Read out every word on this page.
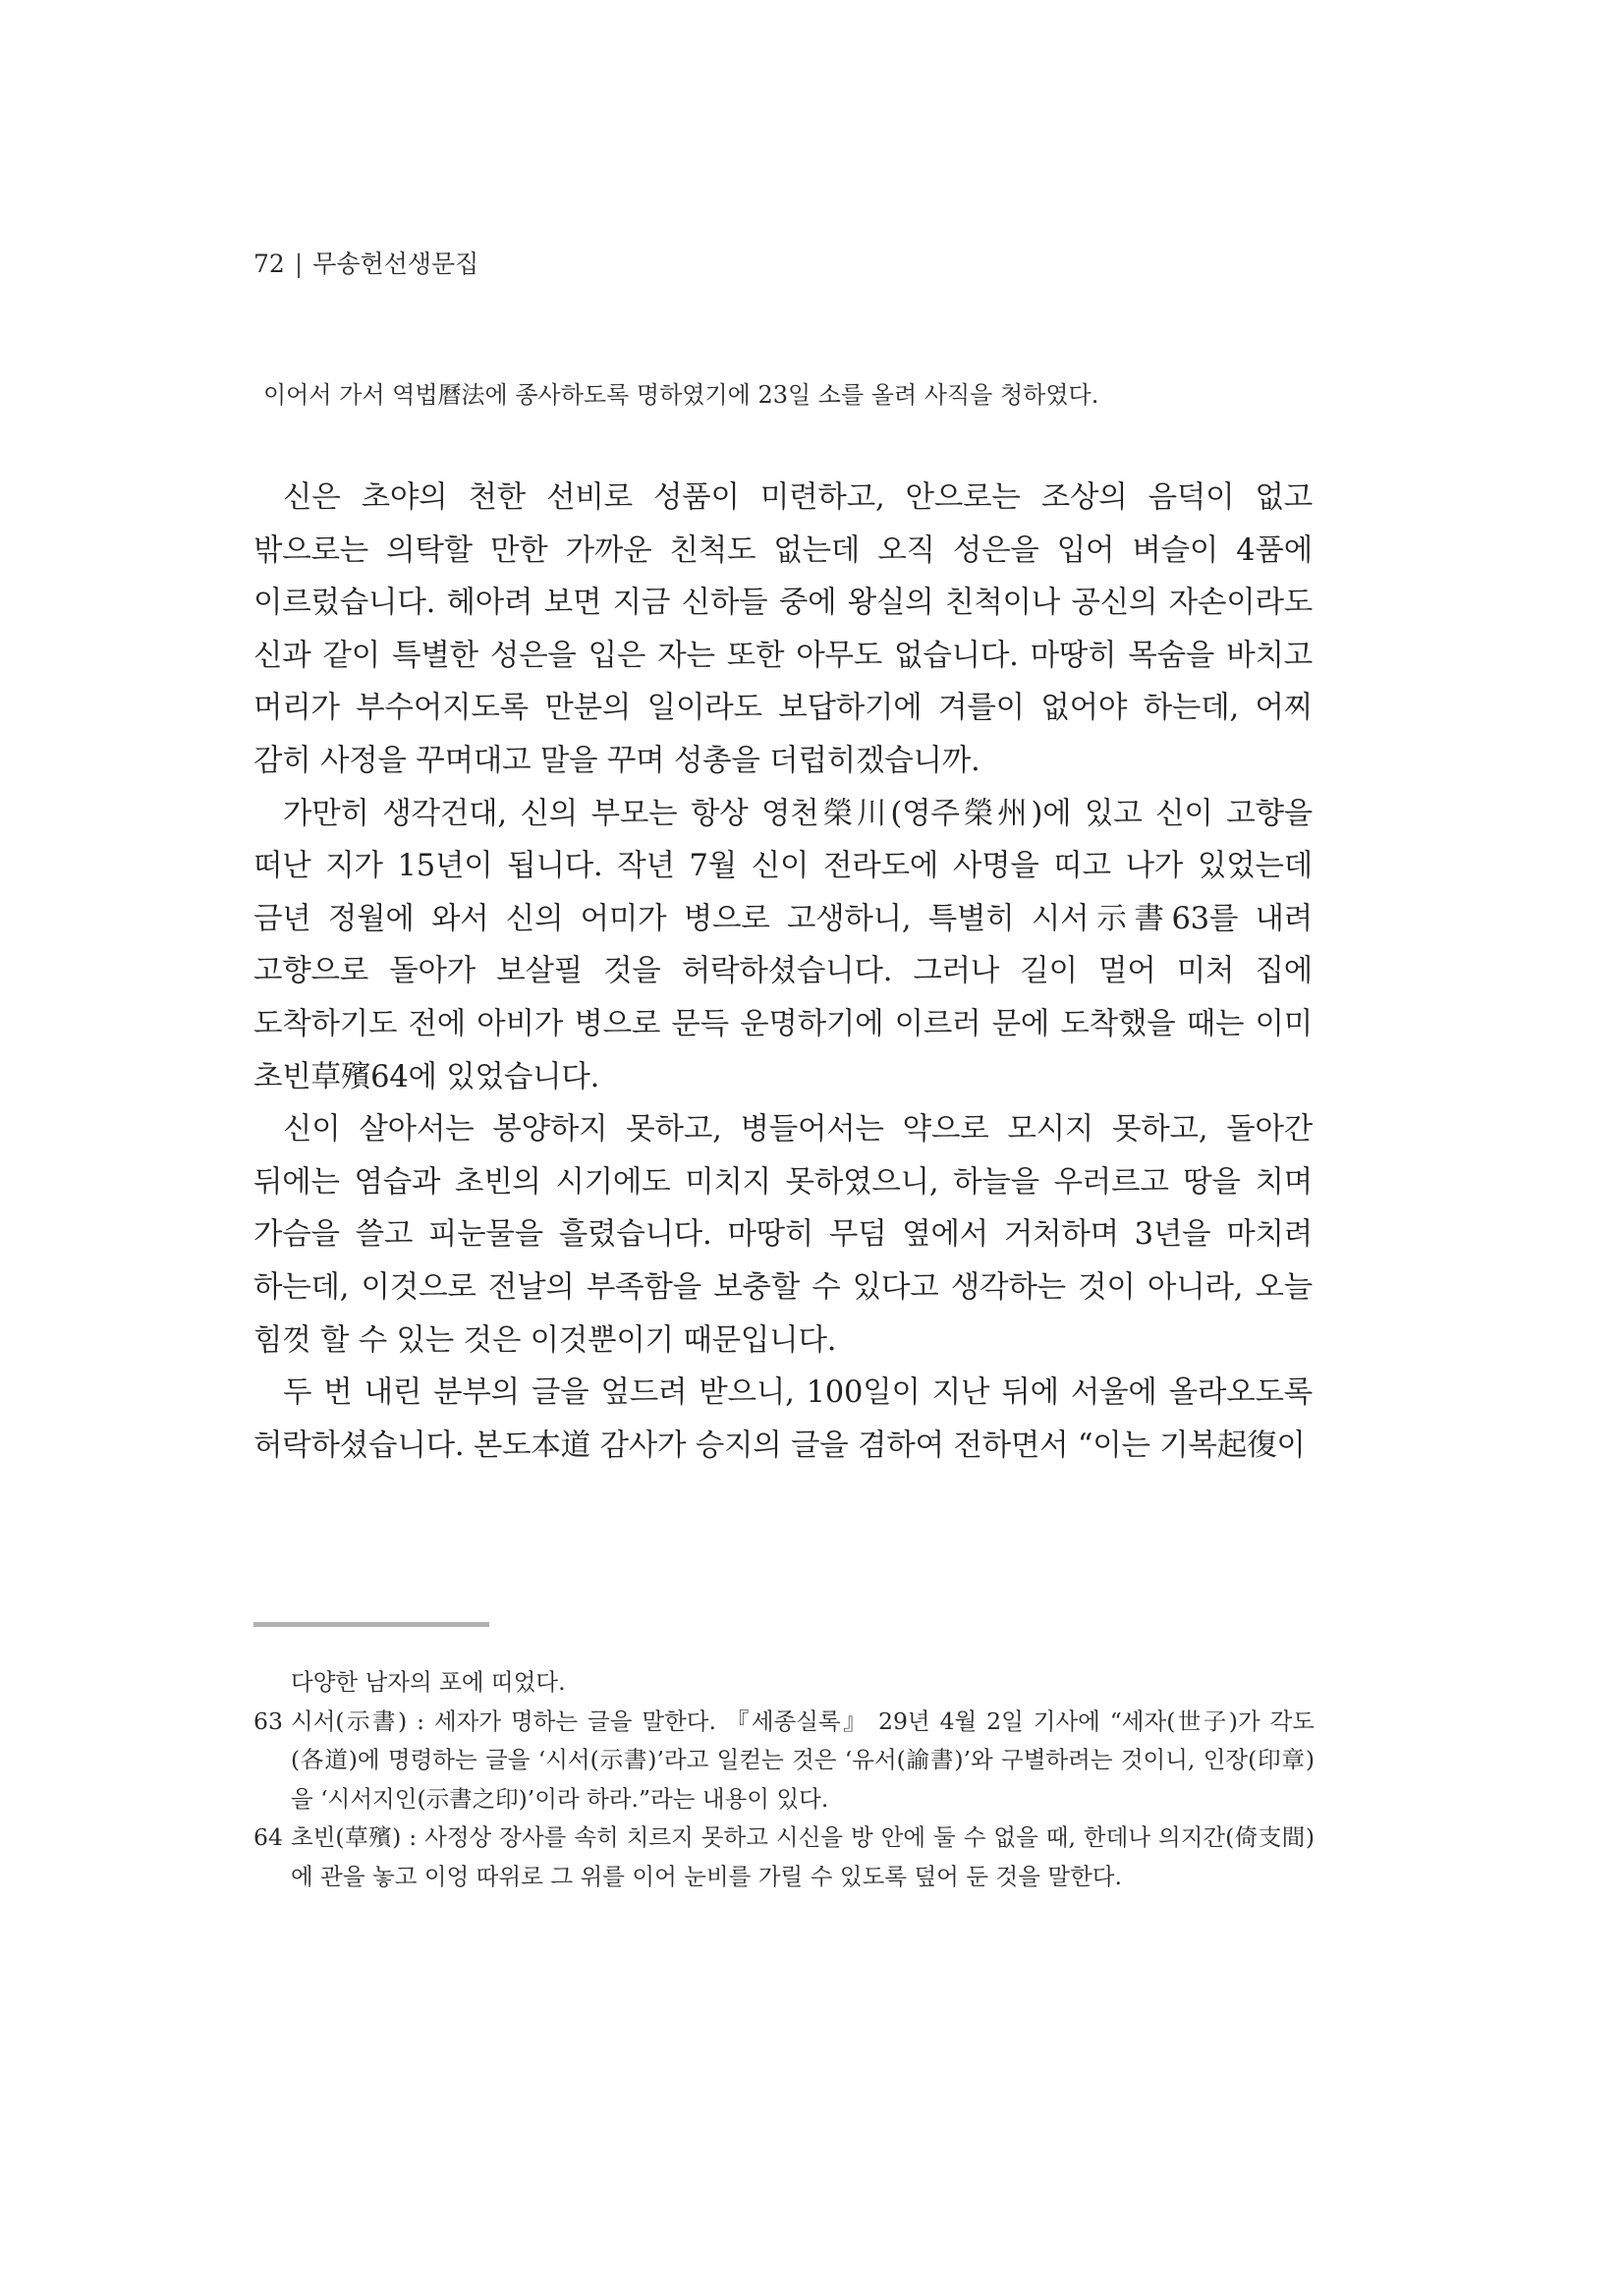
72 | 무송헌선생문집
이어서 가서 역법曆法에 종사하도록 명하였기에 23일 소를 올려 사직을 청하였다.

신은 초야의 천한 선비로 성품이 미련하고, 안으로는 조상의 음덕이 없고 밖으로는 의탁할 만한 가까운 친척도 없는데 오직 성은을 입어 벼슬이 4품에 이르렀습니다. 헤아려 보면 지금 신하들 중에 왕실의 친척이나 공신의 자손이라도 신과 같이 특별한 성은을 입은 자는 또한 아무도 없습니다. 마땅히 목숨을 바치고 머리가 부수어지도록 만분의 일이라도 보답하기에 겨를이 없어야 하는데, 어찌 감히 사정을 꾸며대고 말을 꾸며 성총을 더럽히겠습니까.

가만히 생각건대, 신의 부모는 항상 영천榮川(영주榮州)에 있고 신이 고향을 떠난 지가 15년이 됩니다. 작년 7월 신이 전라도에 사명을 띠고 나가 있었는데 금년 정월에 와서 신의 어미가 병으로 고생하니, 특별히 시서示書63를 내려 고향으로 돌아가 보살필 것을 허락하셨습니다. 그러나 길이 멀어 미처 집에 도착하기도 전에 아비가 병으로 문득 운명하기에 이르러 문에 도착했을 때는 이미 초빈草殯64에 있었습니다.

신이 살아서는 봉양하지 못하고, 병들어서는 약으로 모시지 못하고, 돌아간 뒤에는 염습과 초빈의 시기에도 미치지 못하였으니, 하늘을 우러르고 땅을 치며 가슴을 쓸고 피눈물을 흘렸습니다. 마땅히 무덤 옆에서 거처하며 3년을 마치려 하는데, 이것으로 전날의 부족함을 보충할 수 있다고 생각하는 것이 아니라, 오늘 힘껏 할 수 있는 것은 이것뿐이기 때문입니다.

두 번 내린 분부의 글을 엎드려 받으니, 100일이 지난 뒤에 서울에 올라오도록 허락하셨습니다. 본도本道 감사가 승지의 글을 겸하여 전하면서 “이는 기복起復이

다양한 남자의 포에 띠었다.

63 시서(示書) : 세자가 명하는 글을 말한다. 『세종실록』 29년 4월 2일 기사에 “세자(世子)가 각도(各道)에 명령하는 글을 ‘시서(示書)’라고 일컫는 것은 ‘유서(諭書)’와 구별하려는 것이니, 인장(印章)을 ‘시서지인(示書之印)’이라 하라.”라는 내용이 있다.
64 초빈(草殯) : 사정상 장사를 속히 치르지 못하고 시신을 방 안에 둘 수 없을 때, 한데나 의지간(倚支間)에 관을 놓고 이엉 따위로 그 위를 이어 눈비를 가릴 수 있도록 덮어 둔 것을 말한다.
